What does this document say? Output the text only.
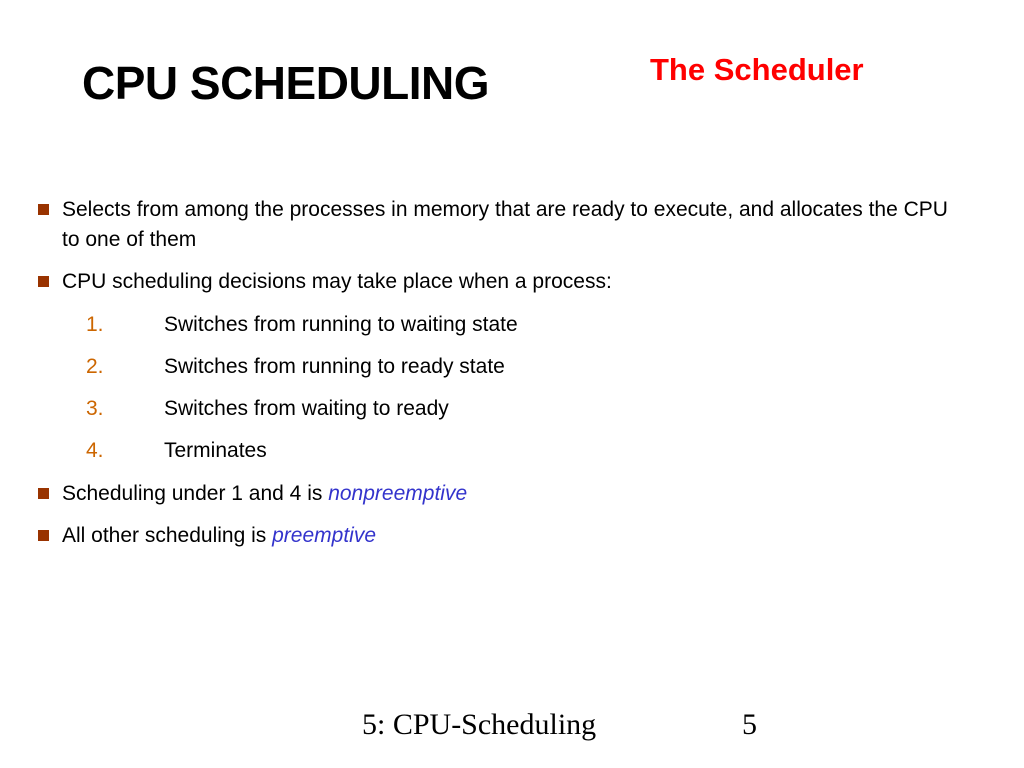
CPU SCHEDULING	The Scheduler
Selects from among the processes in memory that are ready to execute, and allocates the CPU to one of them
CPU scheduling decisions may take place when a process:
1.	Switches from running to waiting state
2.	Switches from running to ready state
3.	Switches from waiting to ready
4.	Terminates
Scheduling under 1 and 4 is nonpreemptive
All other scheduling is preemptive
5: CPU-Scheduling	5
